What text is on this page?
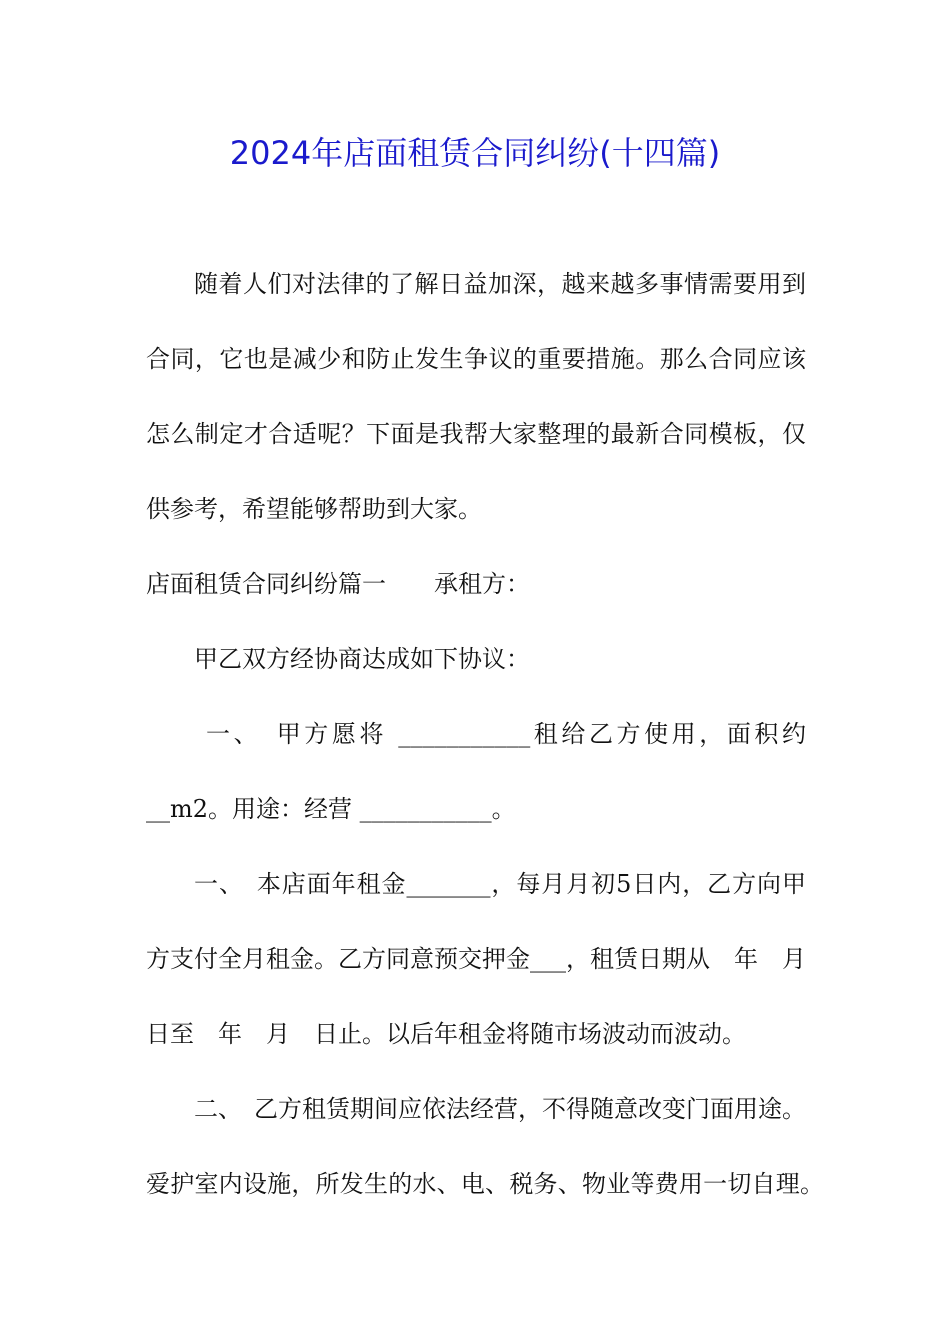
2024年店面租赁合同纠纷(十四篇)
随着人们对法律的了解日益加深，越来越多事情需要用到
合同，它也是减少和防止发生争议的重要措施。那么合同应该
怎么制定才合适呢？下面是我帮大家整理的最新合同模板，仅
供参考，希望能够帮助到大家。
店面租赁合同纠纷篇一　　承租方：
甲乙双方经协商达成如下协议：
一、　甲方愿将 ___________租给乙方使用，面积约
__m2。用途：经营 ___________。
一、　本店面年租金_______，每月月初5日内，乙方向甲
方支付全月租金。乙方同意预交押金___，租赁日期从　年　月
日至　年　月　日止。以后年租金将随市场波动而波动。
二、　乙方租赁期间应依法经营，不得随意改变门面用途。
爱护室内设施，所发生的水、电、税务、物业等费用一切自理。
